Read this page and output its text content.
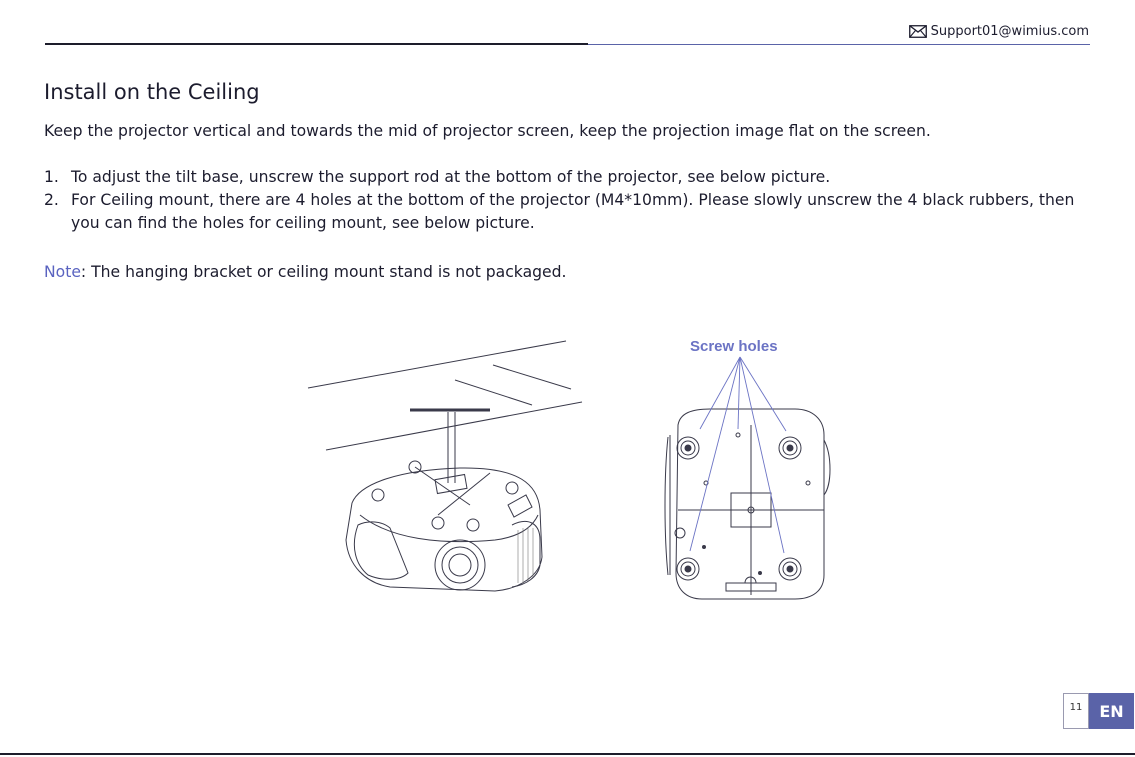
Support01@wimius.com
Install on the Ceiling

Keep the projector vertical and towards the mid of projector screen, keep the projection image flat on the screen.

1. To adjust the tilt base, unscrew the support rod at the bottom of the projector, see below picture.
2. For Ceiling mount, there are 4 holes at the bottom of the projector (M4*10mm). Please slowly unscrew the 4 black rubbers, then you can find the holes for ceiling mount, see below picture.

Note: The hanging bracket or ceiling mount stand is not packaged.

Screw holes
11	EN
